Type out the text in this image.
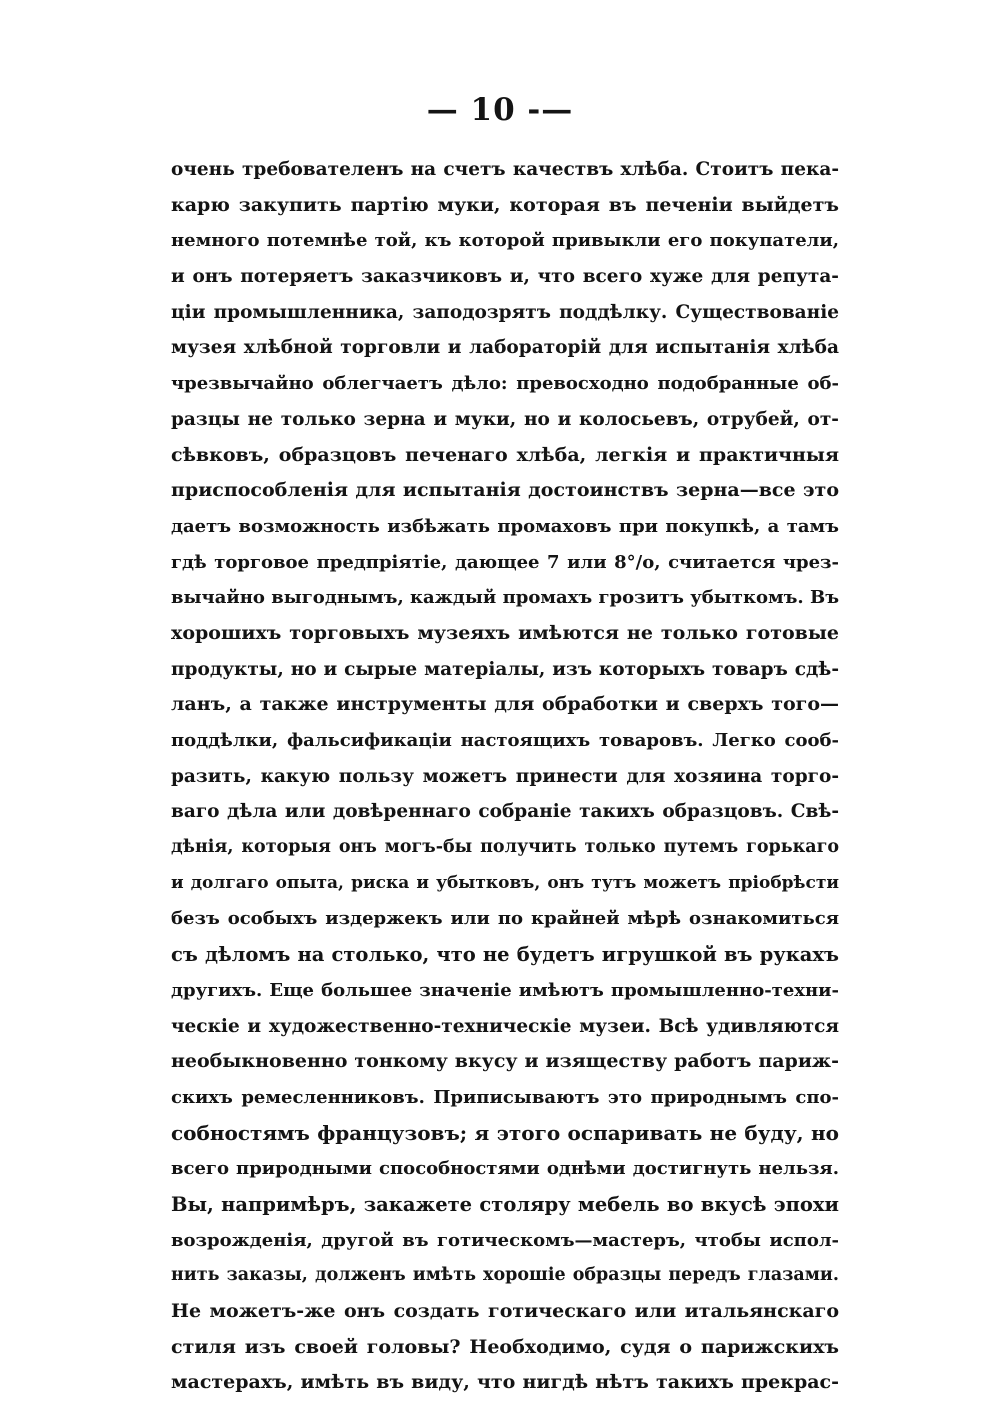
— 10 -—
очень требователенъ на счетъ качествъ хлѣба. Стоитъ пека-
карю закупить партію муки, которая въ печеніи выйдетъ
немного потемнѣе той, къ которой привыкли его покупатели,
и онъ потеряетъ заказчиковъ и, что всего хуже для репута-
ціи промышленника, заподозрятъ поддѣлку. Существованіе
музея хлѣбной торговли и лабораторій для испытанія хлѣба
чрезвычайно облегчаетъ дѣло: превосходно подобранные об-
разцы не только зерна и муки, но и колосьевъ, отрубей, от-
сѣвковъ, образцовъ печенаго хлѣба, легкія и практичныя
приспособленія для испытанія достоинствъ зерна—все это
даетъ возможность избѣжать промаховъ при покупкѣ, а тамъ
гдѣ торговое предпріятіе, дающее 7 или 8°/о, считается чрез-
вычайно выгоднымъ, каждый промахъ грозитъ убыткомъ. Въ
хорошихъ торговыхъ музеяхъ имѣются не только готовые
продукты, но и сырые матеріалы, изъ которыхъ товаръ сдѣ-
ланъ, а также инструменты для обработки и сверхъ того—
поддѣлки, фальсификаціи настоящихъ товаровъ. Легко сооб-
разить, какую пользу можетъ принести для хозяина торго-
ваго дѣла или довѣреннаго собраніе такихъ образцовъ. Свѣ-
дѣнія, которыя онъ могъ-бы получить только путемъ горькаго
и долгаго опыта, риска и убытковъ, онъ тутъ можетъ пріобрѣсти
безъ особыхъ издержекъ или по крайней мѣрѣ ознакомиться
съ дѣломъ на столько, что не будетъ игрушкой въ рукахъ
другихъ. Еще большее значеніе имѣютъ промышленно-техни-
ческіе и художественно-техническіе музеи. Всѣ удивляются
необыкновенно тонкому вкусу и изяществу работъ париж-
скихъ ремесленниковъ. Приписываютъ это природнымъ спо-
собностямъ французовъ; я этого оспаривать не буду, но
всего природными способностями однѣми достигнуть нельзя.
Вы, напримѣръ, закажете столяру мебель во вкусѣ эпохи
возрожденія, другой въ готическомъ—мастеръ, чтобы испол-
нить заказы, долженъ имѣть хорошіе образцы передъ глазами.
Не можетъ-же онъ создать готическаго или итальянскаго
стиля изъ своей головы? Необходимо, судя о парижскихъ
мастерахъ, имѣть въ виду, что нигдѣ нѣтъ такихъ прекрас-
